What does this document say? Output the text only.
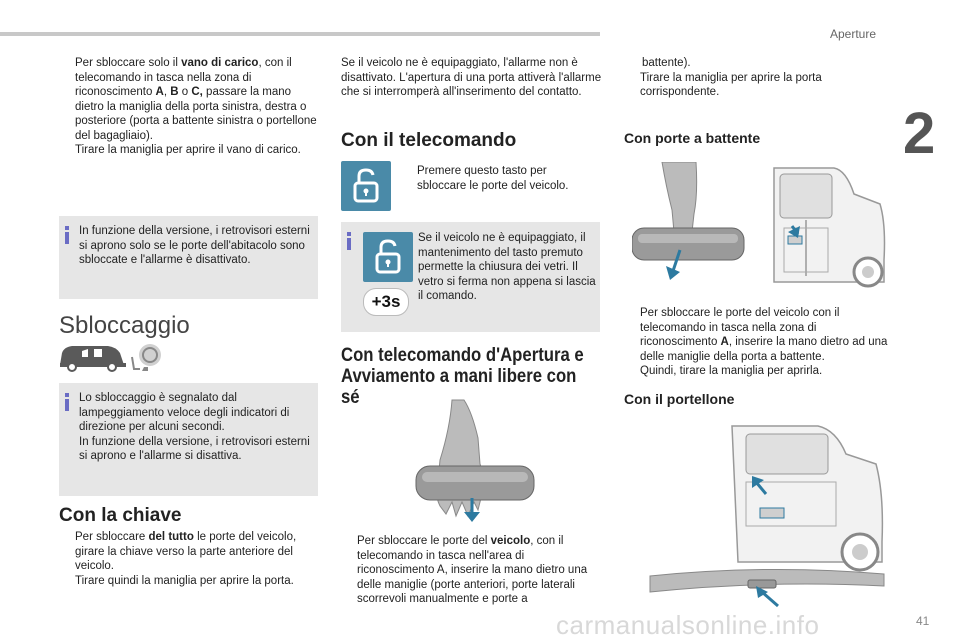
Aperture
2
41
carmanualsonline.info
Per sbloccare solo il vano di carico, con il telecomando in tasca nella zona di riconoscimento A, B o C, passare la mano dietro la maniglia della porta sinistra, destra o posteriore (porta a battente sinistra o portellone del bagagliaio).
Tirare la maniglia per aprire il vano di carico.
In funzione della versione, i retrovisori esterni si aprono solo se le porte dell'abitacolo sono sbloccate e l'allarme è disattivato.
Sbloccaggio
Lo sbloccaggio è segnalato dal lampeggiamento veloce degli indicatori di direzione per alcuni secondi.
In funzione della versione, i retrovisori esterni si aprono e l'allarme si disattiva.
Con la chiave
Per sbloccare del tutto le porte del veicolo, girare la chiave verso la parte anteriore del veicolo.
Tirare quindi la maniglia per aprire la porta.
Se il veicolo ne è equipaggiato, l'allarme non è disattivato. L'apertura di una porta attiverà l'allarme che si interromperà all'inserimento del contatto.
Con il telecomando
Premere questo tasto per sbloccare le porte del veicolo.
+3s
Se il veicolo ne è equipaggiato, il mantenimento del tasto premuto permette la chiusura dei vetri. Il vetro si ferma non appena si lascia il comando.
Con telecomando d'Apertura e
Avviamento a mani libere con sé
Per sbloccare le porte del veicolo, con il telecomando in tasca nell'area di riconoscimento A, inserire la mano dietro una delle maniglie (porte anteriori, porte laterali scorrevoli manualmente e porte a
battente).
Tirare la maniglia per aprire la porta corrispondente.
Con porte a battente
Per sbloccare le porte del veicolo con il telecomando in tasca nella zona di riconoscimento A, inserire la mano dietro ad una delle maniglie della porta a battente.
Quindi, tirare la maniglia per aprirla.
Con il portellone
